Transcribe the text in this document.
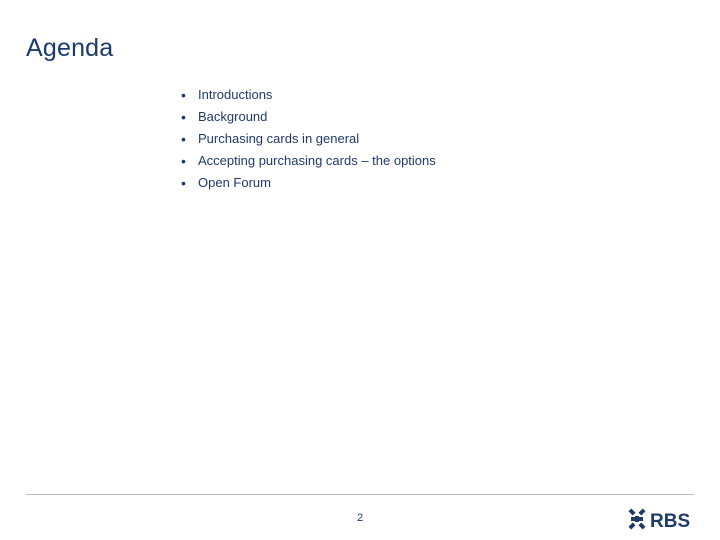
Agenda
• Introductions
• Background
• Purchasing cards in general
• Accepting purchasing cards – the options
• Open Forum
2	RBS
